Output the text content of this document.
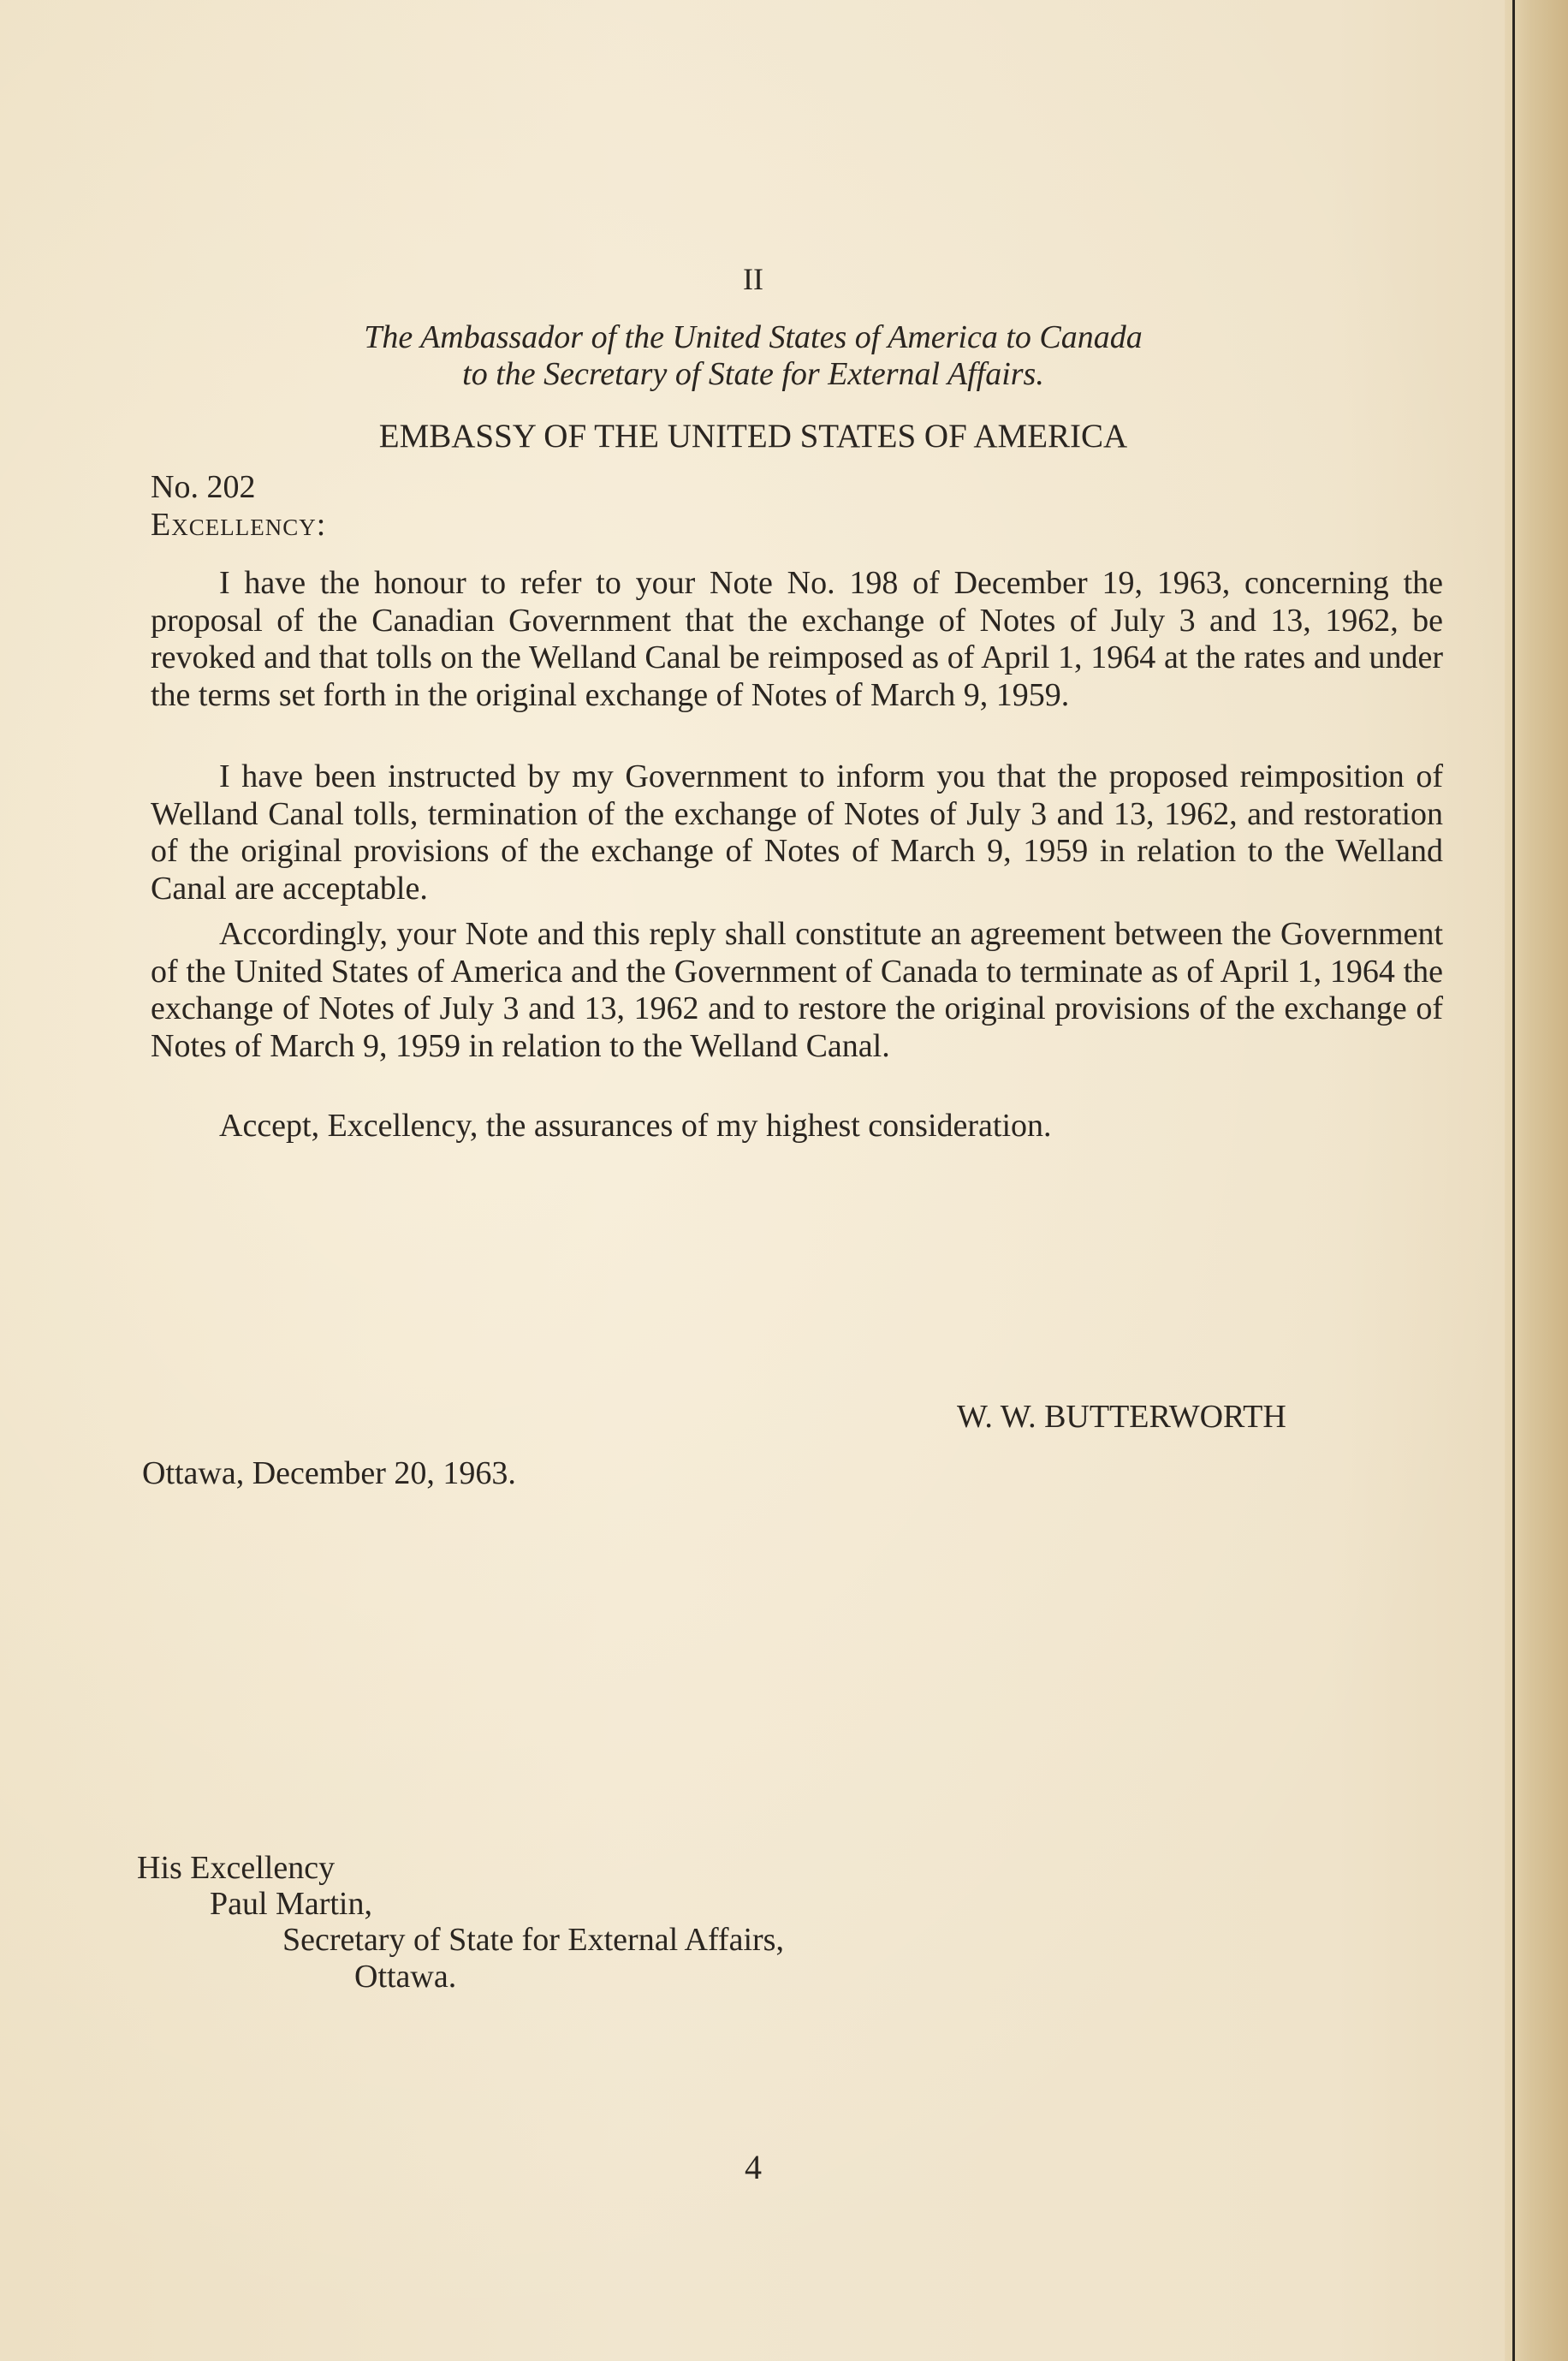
II
The Ambassador of the United States of America to Canada
to the Secretary of State for External Affairs.
EMBASSY OF THE UNITED STATES OF AMERICA
No. 202
Excellency:
I have the honour to refer to your Note No. 198 of December 19, 1963, concerning the proposal of the Canadian Government that the exchange of Notes of July 3 and 13, 1962, be revoked and that tolls on the Welland Canal be reimposed as of April 1, 1964 at the rates and under the terms set forth in the original exchange of Notes of March 9, 1959.
I have been instructed by my Government to inform you that the proposed reimposition of Welland Canal tolls, termination of the exchange of Notes of July 3 and 13, 1962, and restoration of the original provisions of the exchange of Notes of March 9, 1959 in relation to the Welland Canal are acceptable.
Accordingly, your Note and this reply shall constitute an agreement between the Government of the United States of America and the Government of Canada to terminate as of April 1, 1964 the exchange of Notes of July 3 and 13, 1962 and to restore the original provisions of the exchange of Notes of March 9, 1959 in relation to the Welland Canal.
Accept, Excellency, the assurances of my highest consideration.
W. W. BUTTERWORTH
Ottawa, December 20, 1963.
His Excellency
Paul Martin,
Secretary of State for External Affairs,
Ottawa.
4
